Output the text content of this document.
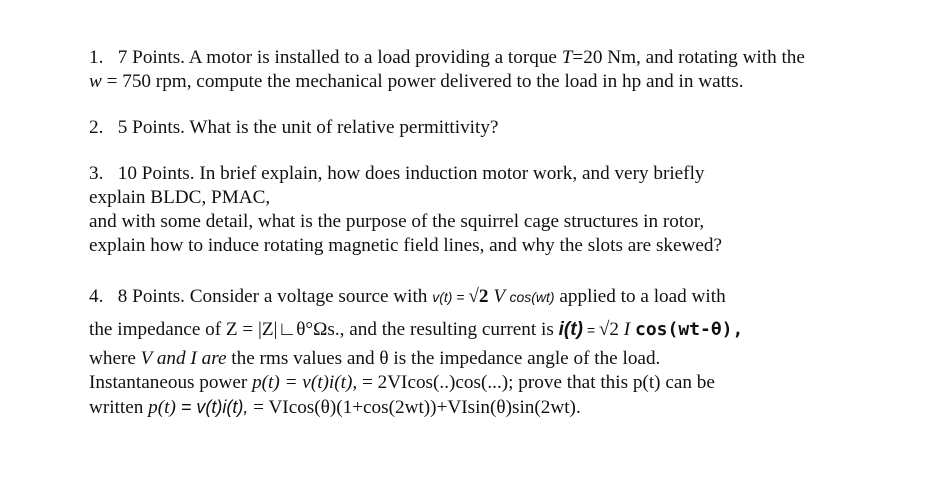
1. 7 Points. A motor is installed to a load providing a torque T=20 Nm, and rotating with the
w = 750 rpm, compute the mechanical power delivered to the load in hp and in watts.
2. 5 Points. What is the unit of relative permittivity?
3. 10 Points. In brief explain, how does induction motor work, and very briefly
explain BLDC, PMAC,
and with some detail, what is the purpose of the squirrel cage structures in rotor,
explain how to induce rotating magnetic field lines, and why the slots are skewed?
4. 8 Points. Consider a voltage source with v(t) = √2 V cos(wt) applied to a load with
the impedance of Z = |Z|∟θ°Ωs., and the resulting current is i(t) = √2 I cos(wt-θ),
where V and I are the rms values and θ is the impedance angle of the load.
Instantaneous power p(t) = v(t)i(t), = 2VIcos(..)cos(...); prove that this p(t) can be
written p(t) = v(t)i(t), = VIcos(θ)(1+cos(2wt))+VIsin(θ)sin(2wt).
